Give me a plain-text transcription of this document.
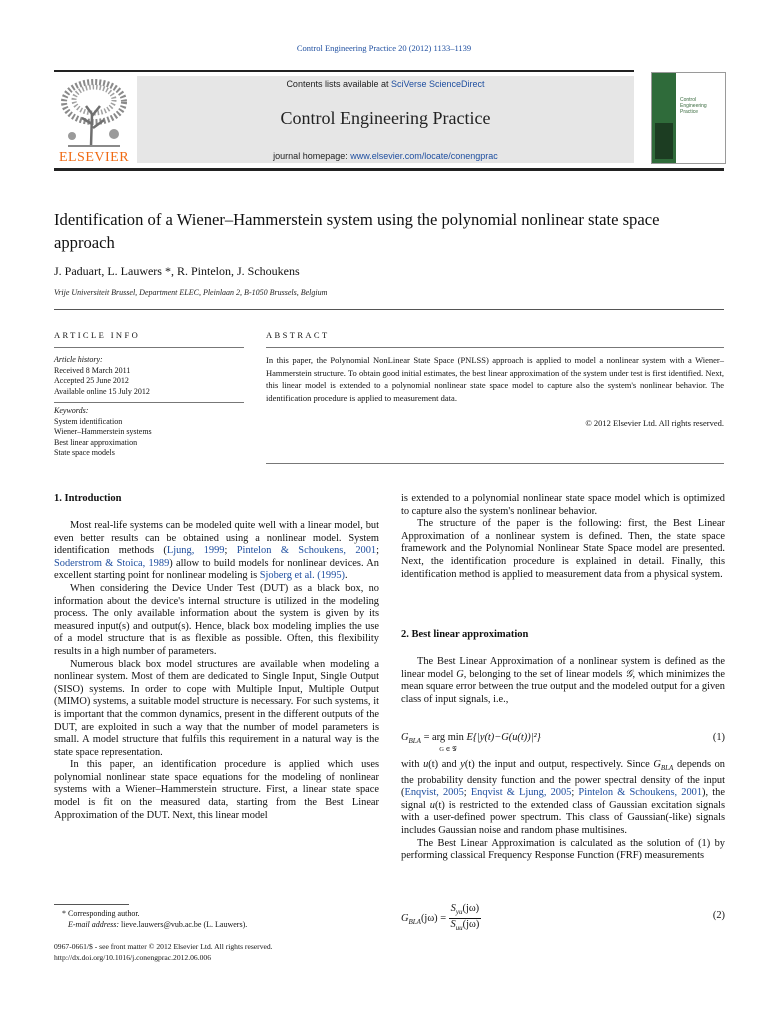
Control Engineering Practice 20 (2012) 1133–1139
ELSEVIER
Contents lists available at SciVerse ScienceDirect
Control Engineering Practice
journal homepage: www.elsevier.com/locate/conengprac
Control Engineering Practice
Identification of a Wiener–Hammerstein system using the polynomial nonlinear state space approach
J. Paduart, L. Lauwers *, R. Pintelon, J. Schoukens
Vrije Universiteit Brussel, Department ELEC, Pleinlaan 2, B-1050 Brussels, Belgium
ARTICLE INFO	ABSTRACT
Article history:
Received 8 March 2011
Accepted 25 June 2012
Available online 15 July 2012
Keywords:
System identification
Wiener–Hammerstein systems
Best linear approximation
State space models
In this paper, the Polynomial NonLinear State Space (PNLSS) approach is applied to model a nonlinear system with a Wiener–Hammerstein structure. To obtain good initial estimates, the best linear approximation of the system under test is first identified. Next, this linear model is extended to a polynomial nonlinear state space model to capture also the system's nonlinear behavior. The identification procedure is applied to measurement data.
© 2012 Elsevier Ltd. All rights reserved.
1. Introduction

Most real-life systems can be modeled quite well with a linear model, but even better results can be obtained using a nonlinear model. System identification methods (Ljung, 1999; Pintelon & Schoukens, 2001; Soderstrom & Stoica, 1989) allow to build models for nonlinear devices. An excellent starting point for nonlinear modeling is Sjoberg et al. (1995).

When considering the Device Under Test (DUT) as a black box, no information about the device's internal structure is utilized in the modeling process. The only available information about the system is given by its measured input(s) and output(s). Hence, black box modeling implies the use of a model structure that is as flexible as possible. Often, this flexibility results in a high number of parameters.

Numerous black box model structures are available when modeling a nonlinear system. Most of them are dedicated to Single Input, Single Output (SISO) systems. In order to cope with Multiple Input, Multiple Output (MIMO) systems, a suitable model structure is necessary. For such systems, it is important that the common dynamics, present in the different outputs of the DUT, are exploited in such a way that the number of model parameters is small. A model structure that fulfils this requirement in a natural way is the state space representation.

In this paper, an identification procedure is applied which uses polynomial nonlinear state space equations for the modeling of nonlinear systems with a Wiener–Hammerstein structure. First, a linear state space model is fit on the measured data, starting from the Best Linear Approximation of the DUT. Next, this linear model

is extended to a polynomial nonlinear state space model which is optimized to capture also the system's nonlinear behavior.

The structure of the paper is the following: first, the Best Linear Approximation of a nonlinear system is defined. Then, the state space framework and the Polynomial Nonlinear State Space model are presented. Next, the identification procedure is explained in detail. Finally, this identification method is applied to measurement data from a physical system.

2. Best linear approximation

The Best Linear Approximation of a nonlinear system is defined as the linear model G, belonging to the set of linear models 𝒢, which minimizes the mean square error between the true output and the modeled output for a given class of input signals, i.e.,

$G_{BLA}$ = arg min
G ∈ 𝒢 E{|y(t)−G(u(t))|²}	(1)

with u(t) and y(t) the input and output, respectively. Since $G_{BLA}$ depends on the probability density function and the power spectral density of the input (Enqvist, 2005; Enqvist & Ljung, 2005; Pintelon & Schoukens, 2001), the signal u(t) is restricted to the extended class of Gaussian excitation signals with a user-defined power spectrum. This class of Gaussian(-like) signals includes Gaussian noise and random phase multisines.

The Best Linear Approximation is calculated as the solution of (1) by performing classical Frequency Response Function (FRF) measurements

$G_{BLA}(j\omega) = \frac{S_{yu}(j\omega)}{S_{uu}(j\omega)}$	(2)
* Corresponding author.
E-mail address: lieve.lauwers@vub.ac.be (L. Lauwers).
0967-0661/$ - see front matter © 2012 Elsevier Ltd. All rights reserved.
http://dx.doi.org/10.1016/j.conengprac.2012.06.006
